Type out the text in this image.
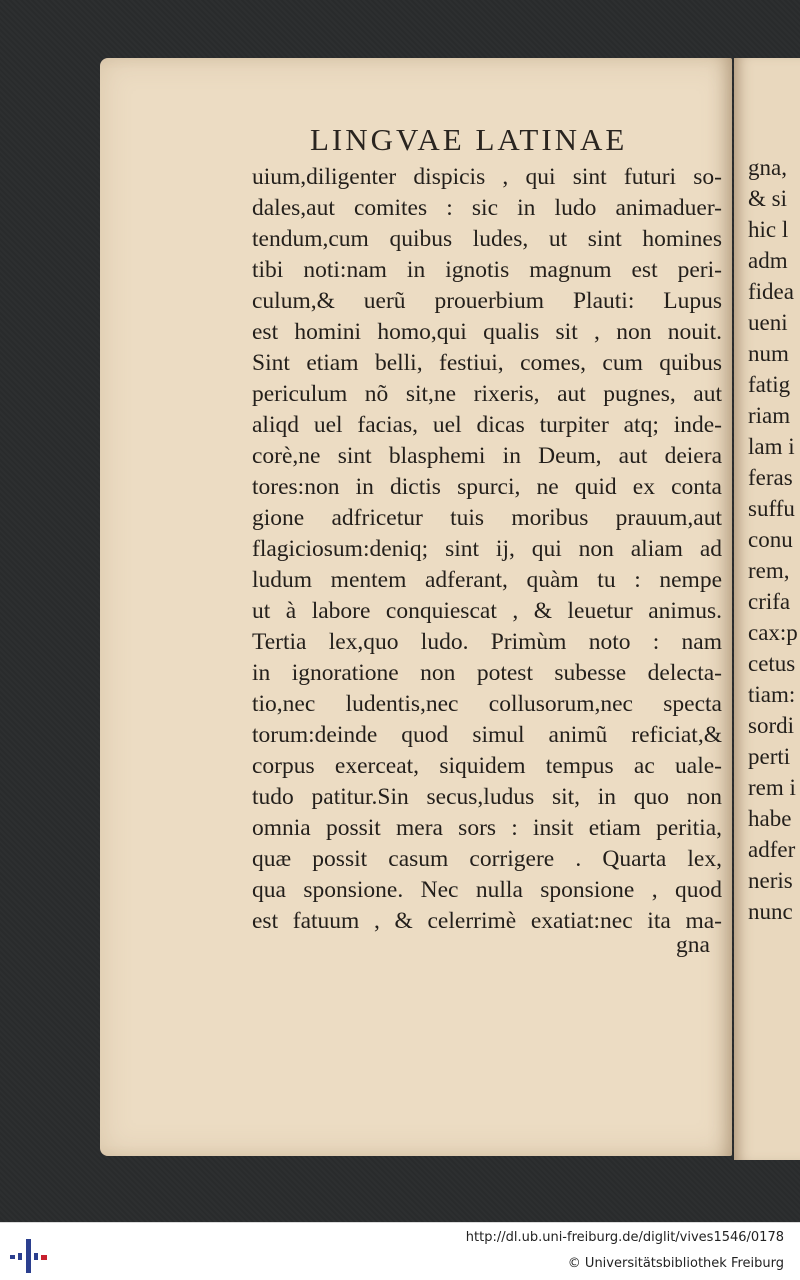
LINGVAE LATINAE
uium,diligenter dispicis , qui sint futuri so-
dales,aut comites : sic in ludo animaduer-
tendum,cum quibus ludes, ut sint homines
tibi noti:nam in ignotis magnum est peri-
culum,& uerũ prouerbium Plauti: Lupus
est homini homo,qui qualis sit , non nouit.
Sint etiam belli, festiui, comes, cum quibus
periculum nõ sit,ne rixeris, aut pugnes, aut
aliqd uel facias, uel dicas turpiter atq; inde-
corè,ne sint blasphemi in Deum, aut deiera
tores:non in dictis spurci, ne quid ex conta
gione adfricetur tuis moribus prauum,aut
flagiciosum:deniq; sint ij, qui non aliam ad
ludum mentem adferant, quàm tu : nempe
ut à labore conquiescat , & leuetur animus.
Tertia lex,quo ludo. Primùm noto : nam
in ignoratione non potest subesse delecta-
tio,nec ludentis,nec collusorum,nec specta
torum:deinde quod simul animũ reficiat,&
corpus exerceat, siquidem tempus ac uale-
tudo patitur.Sin secus,ludus sit, in quo non
omnia possit mera sors : insit etiam peritia,
quæ possit casum corrigere . Quarta lex,
qua sponsione. Nec nulla sponsione , quod
est fatuum , & celerrimè exatiat:nec ita ma-
gna
gna,
& si
hic l
adm
fidea
ueni
num
fatig
riam
lam i
feras
suffu
conu
rem,
crifa
cax:p
cetus
tiam:
sordi
perti
rem i
habe
adfer
neris
nunc
http://dl.ub.uni-freiburg.de/diglit/vives1546/0178
© Universitätsbibliothek Freiburg
